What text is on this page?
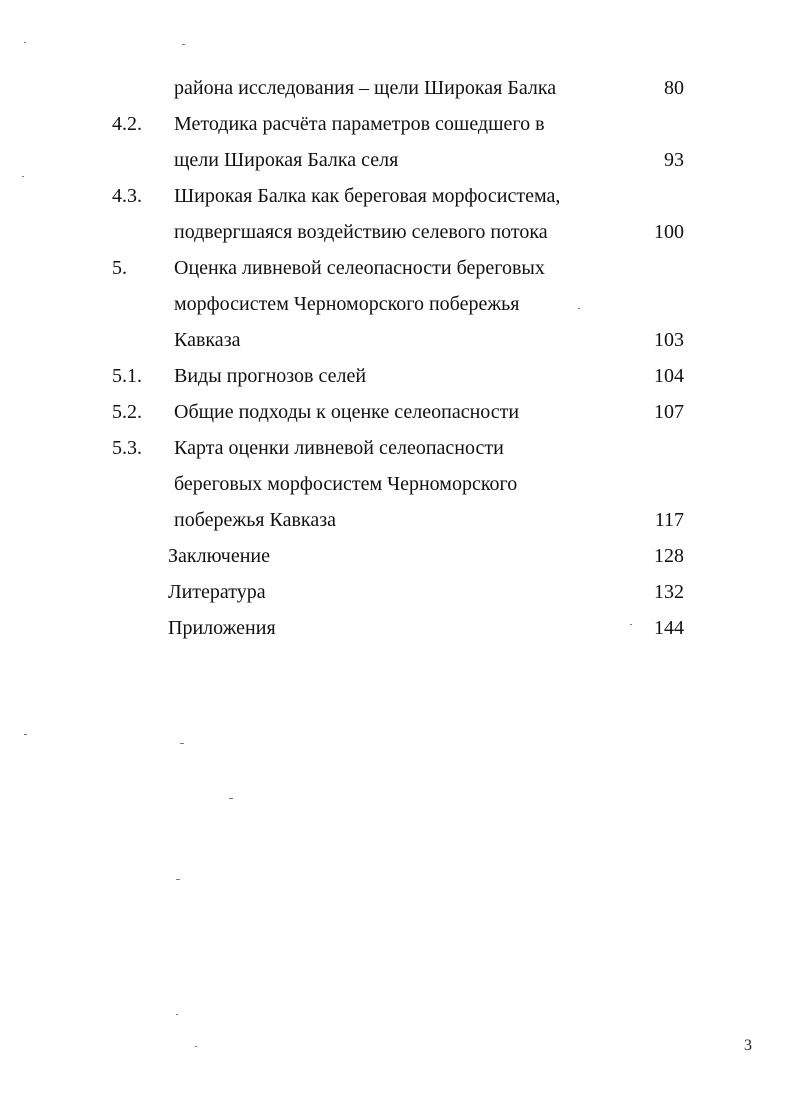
района исследования – щели Широкая Балка	80
4.2.	Методика расчёта параметров сошедшего в
щели Широкая Балка селя	93
4.3.	Широкая Балка как береговая морфосистема,
подвергшаяся воздействию селевого потока	100
5.	Оценка ливневой селеопасности береговых
морфосистем Черноморского побережья
Кавказа	103
5.1.	Виды прогнозов селей	104
5.2.	Общие подходы к оценке селеопасности	107
5.3.	Карта оценки ливневой селеопасности
береговых морфосистем Черноморского
побережья Кавказа	117
Заключение	128
Литература	132
Приложения	144
3
